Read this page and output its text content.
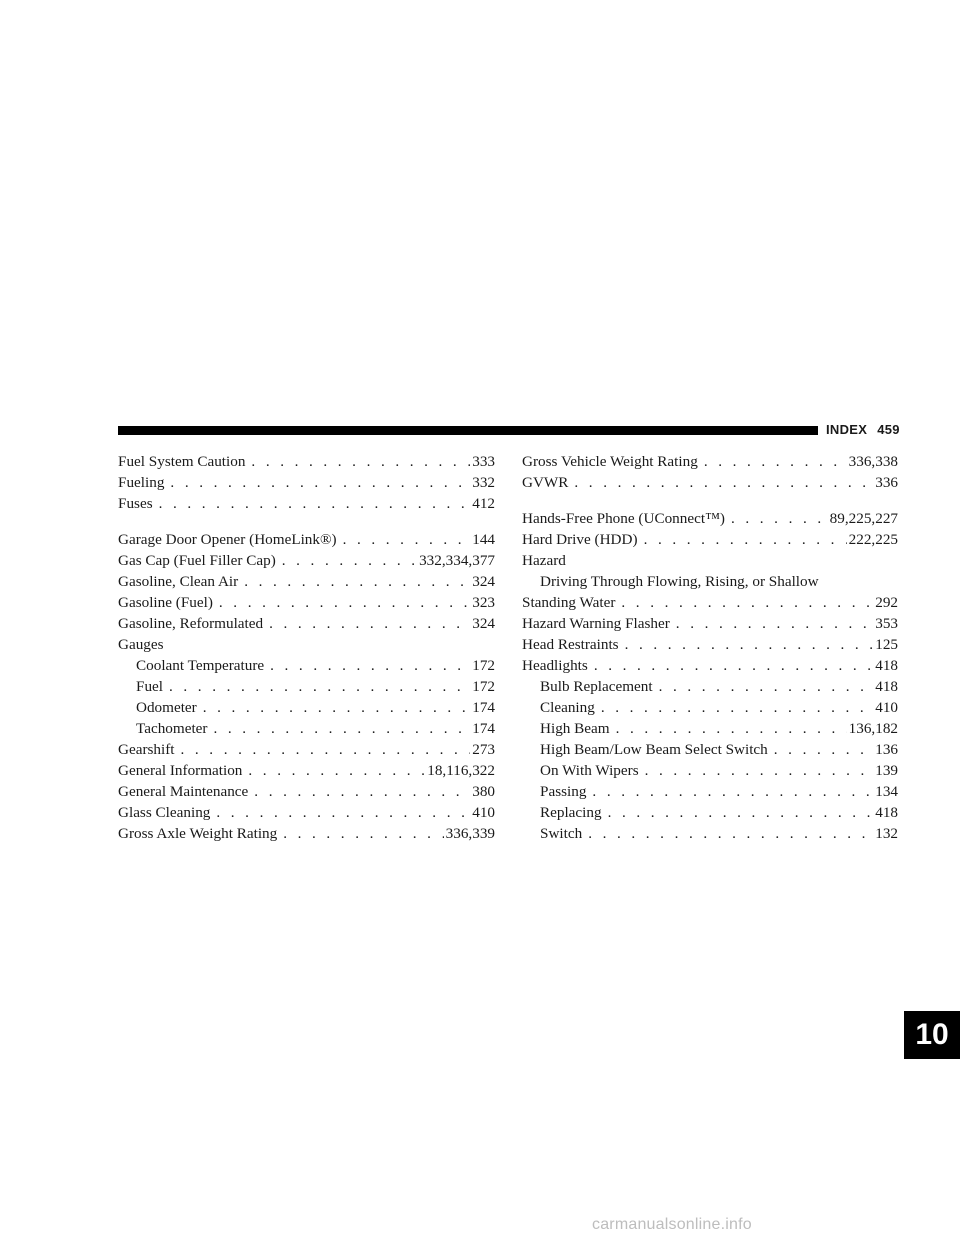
INDEX 459
Fuel System Caution . . .	333
Fueling . . .	332
Fuses . . .	412
Garage Door Opener (HomeLink®) . . .	144
Gas Cap (Fuel Filler Cap) . . .	332,334,377
Gasoline, Clean Air . . .	324
Gasoline (Fuel) . . .	323
Gasoline, Reformulated . . .	324
Gauges
Coolant Temperature . . .	172
Fuel . . .	172
Odometer . . .	174
Tachometer . . .	174
Gearshift . . .	273
General Information . . .	18,116,322
General Maintenance . . .	380
Glass Cleaning . . .	410
Gross Axle Weight Rating . . .	336,339
Gross Vehicle Weight Rating . . .	336,338
GVWR . . .	336
Hands-Free Phone (UConnect™) . . .	89,225,227
Hard Drive (HDD) . . .	222,225
Hazard
Driving Through Flowing, Rising, or Shallow
Standing Water . . .	292
Hazard Warning Flasher . . .	353
Head Restraints . . .	125
Headlights . . .	418
Bulb Replacement . . .	418
Cleaning . . .	410
High Beam . . .	136,182
High Beam/Low Beam Select Switch . . .	136
On With Wipers . . .	139
Passing . . .	134
Replacing . . .	418
Switch . . .	132
10
carmanualsonline.info
